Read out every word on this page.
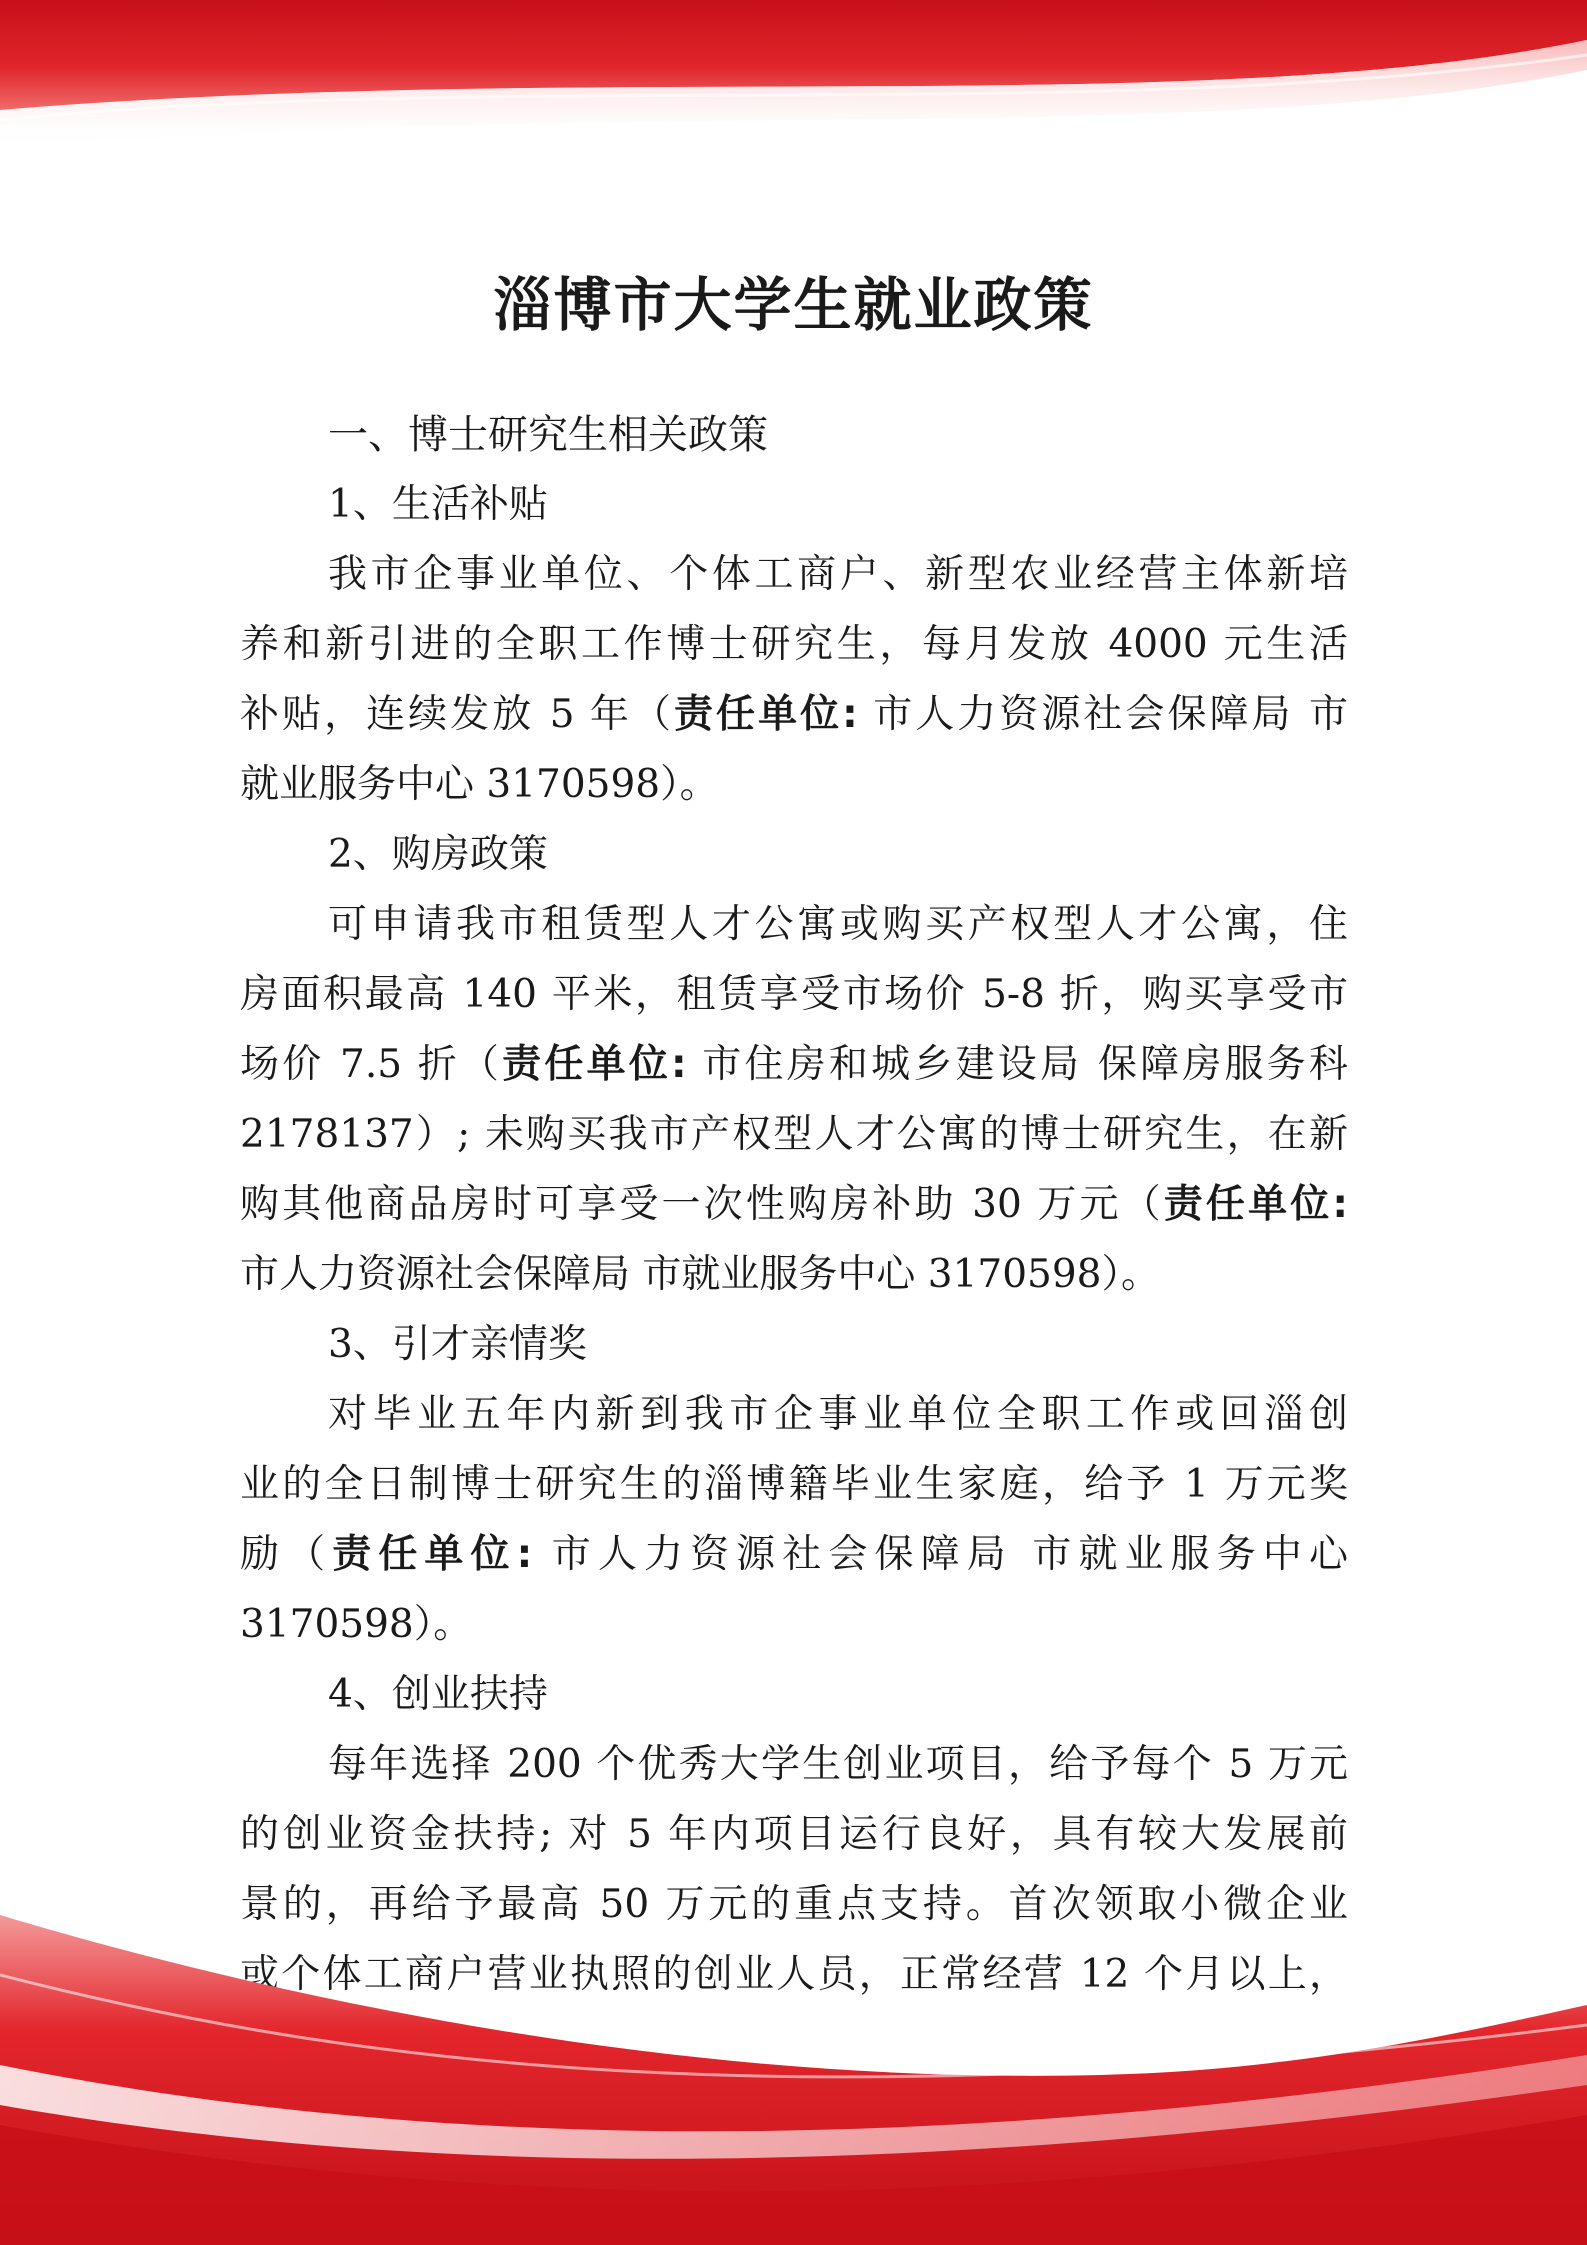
淄博市大学生就业政策

一、博士研究生相关政策

1、生活补贴

我市企事业单位、个体工商户、新型农业经营主体新培

养和新引进的全职工作博士研究生，每月发放 4000 元生活

补贴，连续发放 5 年（责任单位: 市人力资源社会保障局 市

就业服务中心 3170598）。

2、购房政策

可申请我市租赁型人才公寓或购买产权型人才公寓，住

房面积最高 140 平米，租赁享受市场价 5-8 折，购买享受市

场价 7.5 折（责任单位: 市住房和城乡建设局 保障房服务科

2178137）; 未购买我市产权型人才公寓的博士研究生，在新

购其他商品房时可享受一次性购房补助 30 万元（责任单位:

市人力资源社会保障局 市就业服务中心 3170598）。

3、引才亲情奖

对毕业五年内新到我市企事业单位全职工作或回淄创

业的全日制博士研究生的淄博籍毕业生家庭，给予 1 万元奖

励（责任单位: 市人力资源社会保障局 市就业服务中心

3170598）。

4、创业扶持

每年选择 200 个优秀大学生创业项目，给予每个 5 万元

的创业资金扶持; 对 5 年内项目运行良好，具有较大发展前

景的，再给予最高 50 万元的重点支持。首次领取小微企业

或个体工商户营业执照的创业人员，正常经营 12 个月以上，
